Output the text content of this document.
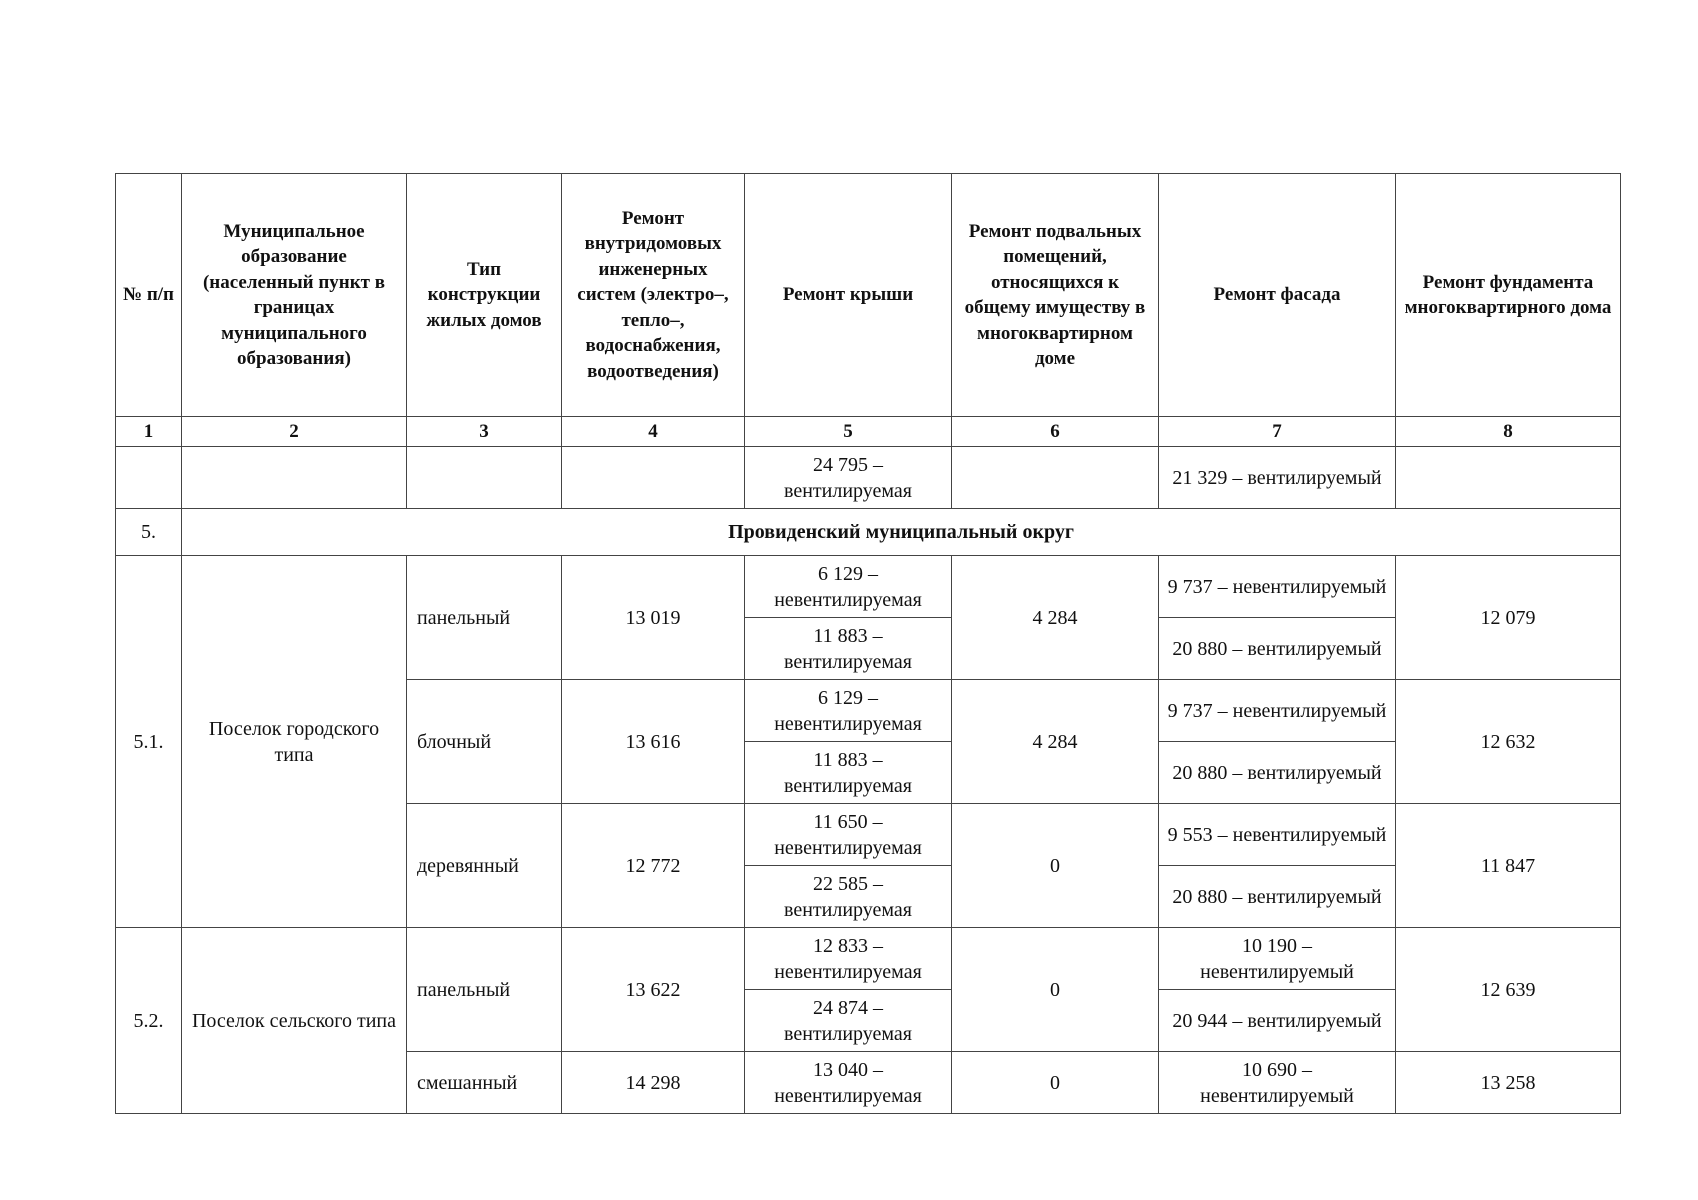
№ п/п	Муниципальное образование (населенный пункт в границах муниципального образования)	Тип конструкции жилых домов	Ремонт внутридомовых инженерных систем (электро–, тепло–, водоснабжения, водоотведения)	Ремонт крыши	Ремонт подвальных помещений, относящихся к общему имуществу в многоквартирном доме	Ремонт фасада	Ремонт фундамента многоквартирного дома
1	2	3	4	5	6	7	8
				24 795 – вентилируемая		21 329 – вентилируемый	
5.	Провиденский муниципальный округ						
5.1.	Поселок городского типа	панельный	13 019	6 129 – невентилируемая	4 284	9 737 – невентилируемый	12 079
				11 883 – вентилируемая		20 880 – вентилируемый	
		блочный	13 616	6 129 – невентилируемая	4 284	9 737 – невентилируемый	12 632
				11 883 – вентилируемая		20 880 – вентилируемый	
		деревянный	12 772	11 650 – невентилируемая	0	9 553 – невентилируемый	11 847
				22 585 – вентилируемая		20 880 – вентилируемый	
5.2.	Поселок сельского типа	панельный	13 622	12 833 – невентилируемая	0	10 190 – невентилируемый	12 639
				24 874 – вентилируемая		20 944 – вентилируемый	
		смешанный	14 298	13 040 – невентилируемая	0	10 690 – невентилируемый	13 258
